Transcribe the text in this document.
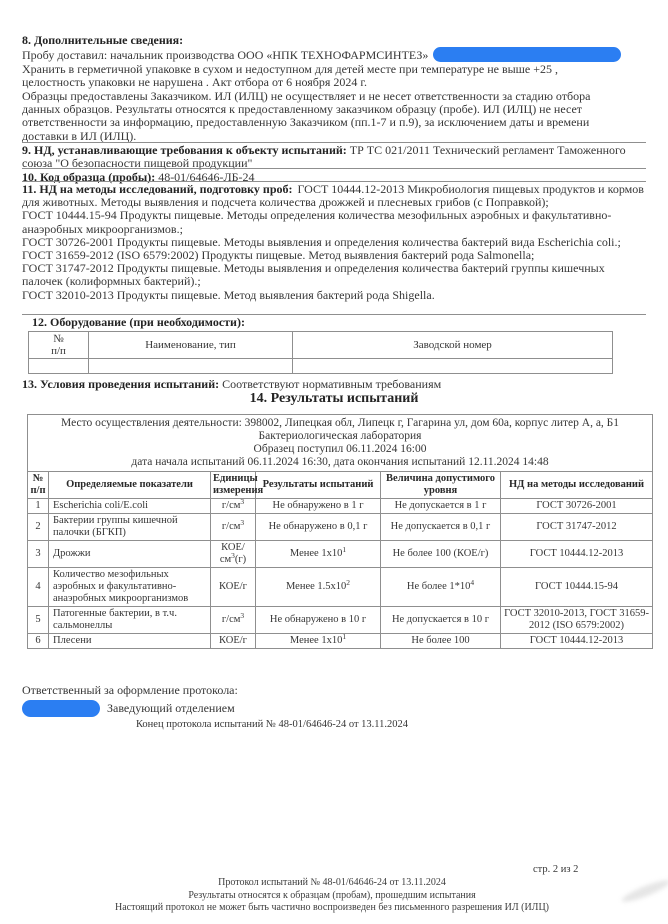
8. Дополнительные сведения:
Пробу доставил: начальник производства ООО «НПК ТЕХНОФАРМСИНТЕЗ»
Хранить в герметичной упаковке в сухом и недоступном для детей месте при температуре не выше +25 ,
целостность упаковки не нарушена . Акт отбора от 6 ноября 2024 г.
Образцы предоставлены Заказчиком. ИЛ (ИЛЦ) не осуществляет и не несет ответственности за стадию отбора
данных образцов. Результаты относятся к предоставленному заказчиком образцу (пробе). ИЛ (ИЛЦ) не несет
ответственности за информацию, предоставленную Заказчиком (пп.1-7 и п.9), за исключением даты и времени
доставки в ИЛ (ИЛЦ).
9. НД, устанавливающие требования к объекту испытаний: ТР ТС 021/2011 Технический регламент Таможенного союза "О безопасности пищевой продукции"
10. Код образца (пробы): 48-01/64646-ЛБ-24
11. НД на методы исследований, подготовку проб: ГОСТ 10444.12-2013 Микробиология пищевых продуктов и кормов для животных. Методы выявления и подсчета количества дрожжей и плесневых грибов (с Поправкой);
ГОСТ 10444.15-94 Продукты пищевые. Методы определения количества мезофильных аэробных и факультативно-анаэробных микроорганизмов.;
ГОСТ 30726-2001 Продукты пищевые. Методы выявления и определения количества бактерий вида Escherichia coli.;
ГОСТ 31659-2012 (ISO 6579:2002) Продукты пищевые. Метод выявления бактерий рода Salmonella;
ГОСТ 31747-2012 Продукты пищевые. Методы выявления и определения количества бактерий группы кишечных палочек (колиформных бактерий).;
ГОСТ 32010-2013 Продукты пищевые. Метод выявления бактерий рода Shigella.
12. Оборудование (при необходимости):
№
п/п	Наименование, тип	Заводской номер

13. Условия проведения испытаний: Соответствуют нормативным требованиям
14. Результаты испытаний
Место осуществления деятельности: 398002, Липецкая обл, Липецк г, Гагарина ул, дом 60а, корпус литер А, а, Б1
Бактериологическая лаборатория
Образец поступил 06.11.2024 16:00
дата начала испытаний 06.11.2024 16:30, дата окончания испытаний 12.11.2024 14:48					

№
п/п	Определяемые показатели	Единицы измерения	Результаты испытаний	Величина допустимого уровня	НД на методы исследований
1	Escherichia coli/E.coli	$г/см^3$	Не обнаружено в 1 г	Не допускается в 1 г	ГОСТ 30726-2001
2	Бактерии группы кишечной палочки (БГКП)	$г/см^3$	Не обнаружено в 0,1 г	Не допускается в 0,1 г	ГОСТ 31747-2012
3	Дрожжи	КОЕ/$см^3(г)$	Менее $1x10^1$	Не более 100 (КОЕ/г)	ГОСТ 10444.12-2013
4	Количество мезофильных аэробных и факультативно-анаэробных микроорганизмов	КОЕ/г	Менее $1.5x10^2$	Не более $1*10^4$	ГОСТ 10444.15-94
5	Патогенные бактерии, в т.ч. сальмонеллы	$г/см^3$	Не обнаружено в 10 г	Не допускается в 10 г	ГОСТ 32010-2013, ГОСТ 31659-2012 (ISO 6579:2002)
6	Плесени	КОЕ/г	Менее $1x10^1$	Не более 100	ГОСТ 10444.12-2013
Ответственный за оформление протокола:
Заведующий отделением
Конец протокола испытаний № 48-01/64646-24 от 13.11.2024
стр. 2 из 2
Протокол испытаний № 48-01/64646-24 от 13.11.2024
Результаты относятся к образцам (пробам), прошедшим испытания
Настоящий протокол не может быть частично воспроизведен без письменного разрешения ИЛ (ИЛЦ)
